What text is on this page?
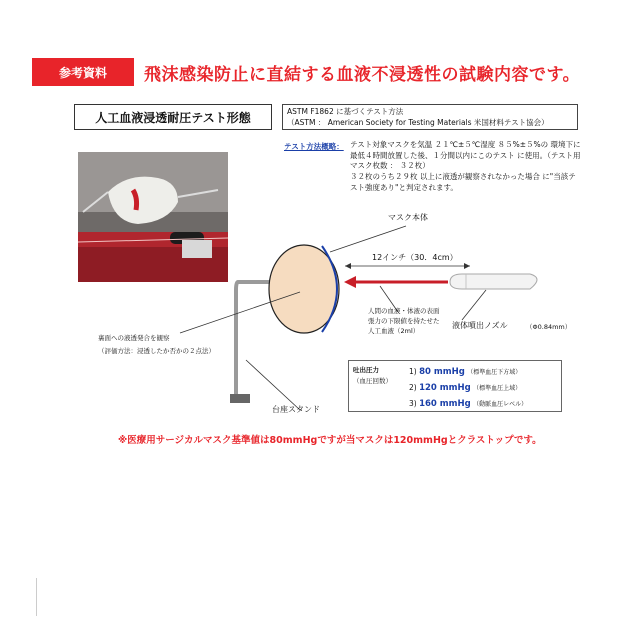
参考資料	飛沫感染防止に直結する血液不浸透性の試験内容です。
人工血液浸透耐圧テスト形態	ASTM F1862 に基づくテスト方法
（ASTM ： American Society for Testing Materials 米国材料テスト協会）
テスト方法概略： テスト対象マスクを気温 ２１℃±５℃湿度 ８５%±５%の 環境下に最低４時間放置した後、１分間以内にこのテスト に使用。（テスト用マスク枚数 ： ３２枚）
３２枚のうち２９枚 以上に液透が観察されなかった場合 に"当該テスト強度あり"と判定されます。
マスク本体
12インチ（30．4cm）
人間の血液・体液の表面
張力の下限値を持たせた
人工血液（2ml）
液体噴出ノズル	（Φ0.84mm）
裏面への液透発合を観察
（評価方法：浸透したか否かの２点法）
台座スタンド
吐出圧力
（血圧回数）
1) 80 mmHg （標準血圧下方域）
2) 120 mmHg （標準血圧上域）
3) 160 mmHg （動脈血圧レベル）
※医療用サージカルマスク基準値は80mmHgですが当マスクは120mmHgとクラストップです。
